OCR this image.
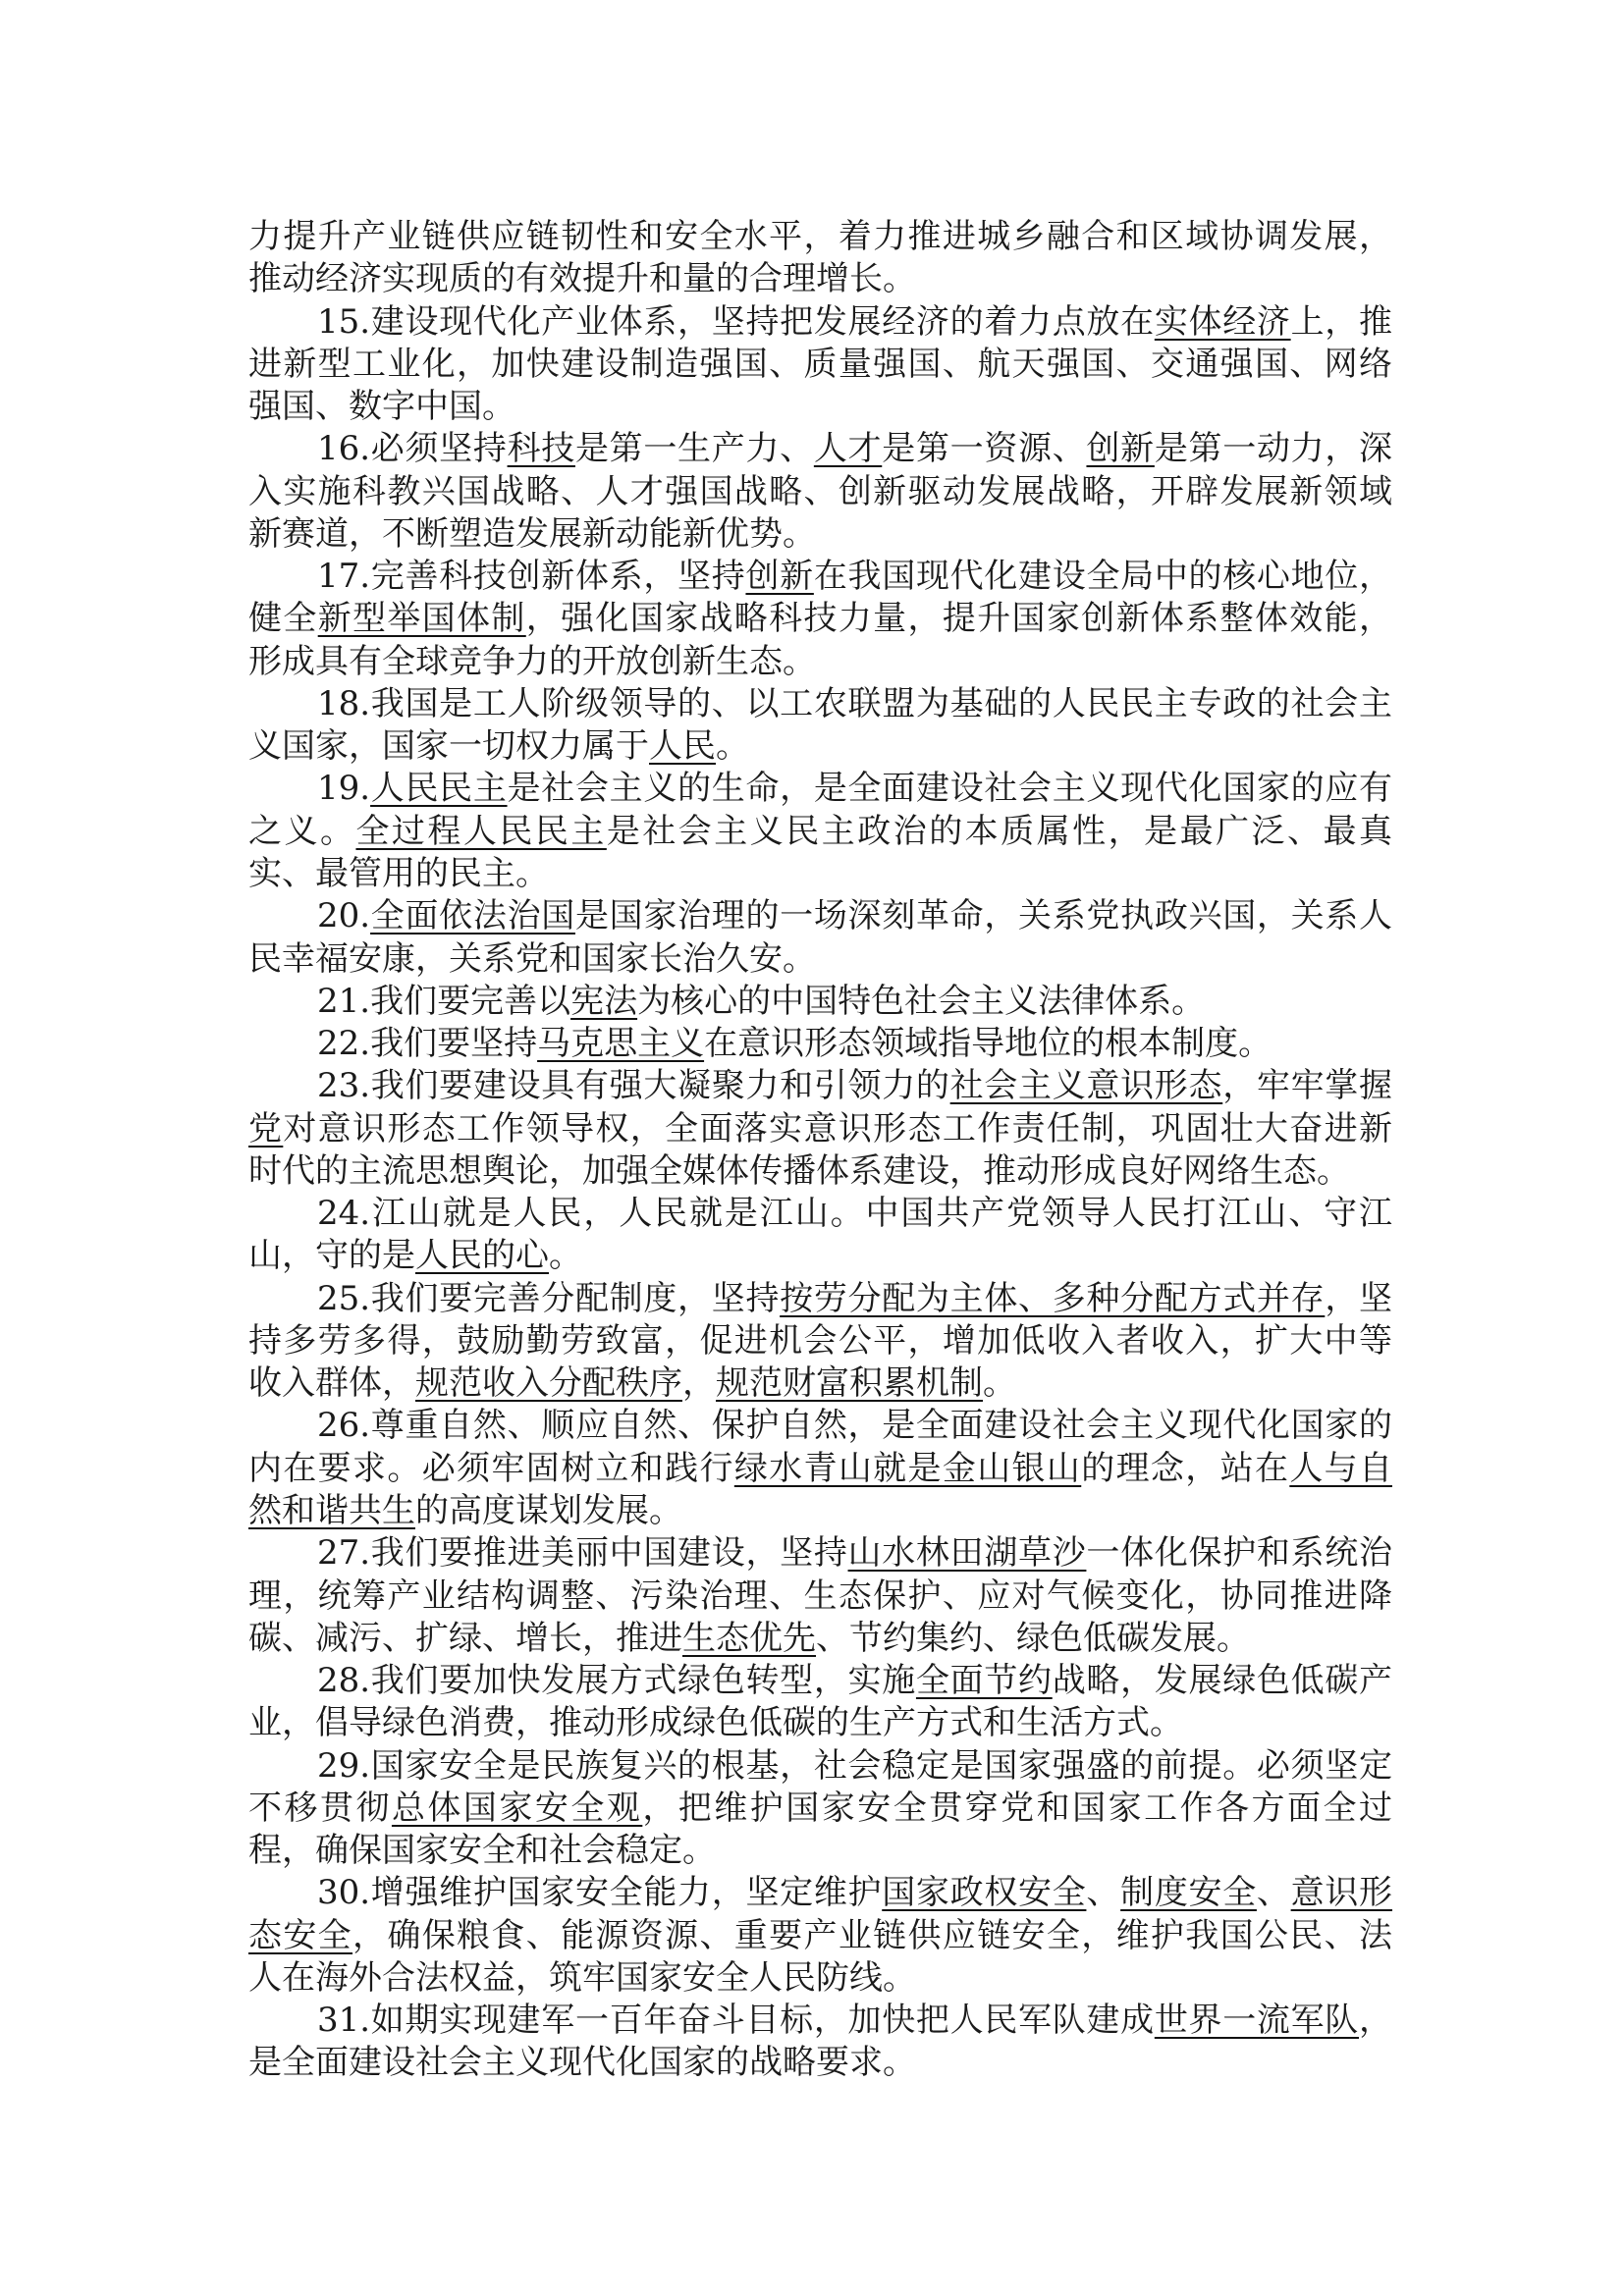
力提升产业链供应链韧性和安全水平，着力推进城乡融合和区域协调发展，
推动经济实现质的有效提升和量的合理增长。
15.建设现代化产业体系，坚持把发展经济的着力点放在实体经济上，推
进新型工业化，加快建设制造强国、质量强国、航天强国、交通强国、网络
强国、数字中国。
16.必须坚持科技是第一生产力、人才是第一资源、创新是第一动力，深
入实施科教兴国战略、人才强国战略、创新驱动发展战略，开辟发展新领域
新赛道，不断塑造发展新动能新优势。
17.完善科技创新体系，坚持创新在我国现代化建设全局中的核心地位，
健全新型举国体制，强化国家战略科技力量，提升国家创新体系整体效能，
形成具有全球竞争力的开放创新生态。
18.我国是工人阶级领导的、以工农联盟为基础的人民民主专政的社会主
义国家，国家一切权力属于人民。
19.人民民主是社会主义的生命，是全面建设社会主义现代化国家的应有
之义。全过程人民民主是社会主义民主政治的本质属性，是最广泛、最真
实、最管用的民主。
20.全面依法治国是国家治理的一场深刻革命，关系党执政兴国，关系人
民幸福安康，关系党和国家长治久安。
21.我们要完善以宪法为核心的中国特色社会主义法律体系。
22.我们要坚持马克思主义在意识形态领域指导地位的根本制度。
23.我们要建设具有强大凝聚力和引领力的社会主义意识形态，牢牢掌握
党对意识形态工作领导权，全面落实意识形态工作责任制，巩固壮大奋进新
时代的主流思想舆论，加强全媒体传播体系建设，推动形成良好网络生态。
24.江山就是人民，人民就是江山。中国共产党领导人民打江山、守江
山，守的是人民的心。
25.我们要完善分配制度，坚持按劳分配为主体、多种分配方式并存，坚
持多劳多得，鼓励勤劳致富，促进机会公平，增加低收入者收入，扩大中等
收入群体，规范收入分配秩序，规范财富积累机制。
26.尊重自然、顺应自然、保护自然，是全面建设社会主义现代化国家的
内在要求。必须牢固树立和践行绿水青山就是金山银山的理念，站在人与自
然和谐共生的高度谋划发展。
27.我们要推进美丽中国建设，坚持山水林田湖草沙一体化保护和系统治
理，统筹产业结构调整、污染治理、生态保护、应对气候变化，协同推进降
碳、减污、扩绿、增长，推进生态优先、节约集约、绿色低碳发展。
28.我们要加快发展方式绿色转型，实施全面节约战略，发展绿色低碳产
业，倡导绿色消费，推动形成绿色低碳的生产方式和生活方式。
29.国家安全是民族复兴的根基，社会稳定是国家强盛的前提。必须坚定
不移贯彻总体国家安全观，把维护国家安全贯穿党和国家工作各方面全过
程，确保国家安全和社会稳定。
30.增强维护国家安全能力，坚定维护国家政权安全、制度安全、意识形
态安全，确保粮食、能源资源、重要产业链供应链安全，维护我国公民、法
人在海外合法权益，筑牢国家安全人民防线。
31.如期实现建军一百年奋斗目标，加快把人民军队建成世界一流军队，
是全面建设社会主义现代化国家的战略要求。
